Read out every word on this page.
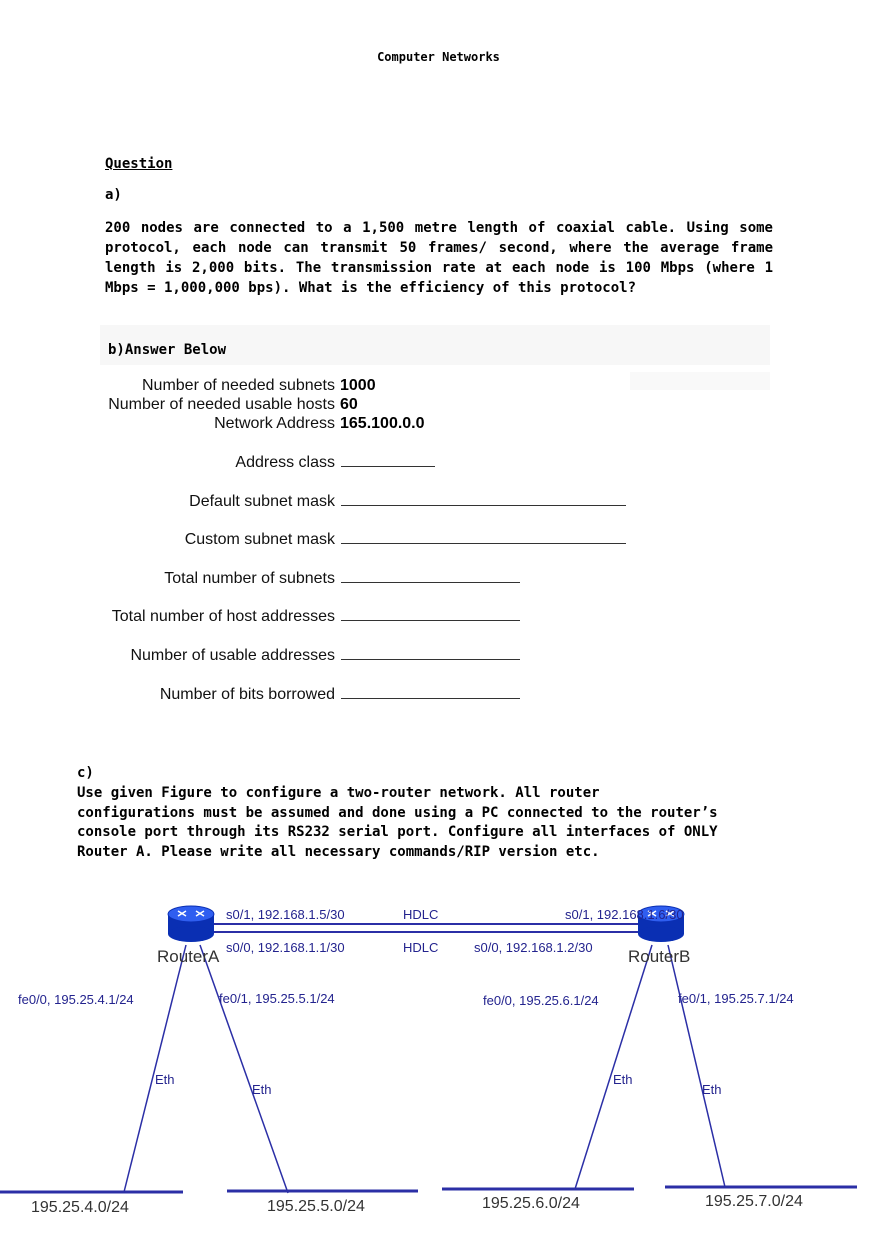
Computer Networks
Question
a)
200 nodes are connected to a 1,500 metre length of coaxial cable. Using some protocol, each node can transmit 50 frames/ second, where the average frame length is 2,000 bits. The transmission rate at each node is 100 Mbps (where 1 Mbps = 1,000,000 bps). What is the efficiency of this protocol?
b)Answer Below
Number of needed subnets 1000
Number of needed usable hosts 60
Network Address 165.100.0.0
Address class
Default subnet mask
Custom subnet mask
Total number of subnets
Total number of host addresses
Number of usable addresses
Number of bits borrowed
c)
Use given Figure to configure a two-router network. All router
configurations must be assumed and done using a PC connected to the router’s
console port through its RS232 serial port. Configure all interfaces of ONLY
Router A. Please write all necessary commands/RIP version etc.
RouterA	RouterB
s0/1, 192.168.1.5/30	HDLC	s0/1, 192.168.1.6/30
s0/0, 192.168.1.1/30	HDLC	s0/0, 192.168.1.2/30
fe0/0, 195.25.4.1/24	fe0/1, 195.25.5.1/24	fe0/0, 195.25.6.1/24	fe0/1, 195.25.7.1/24
Eth
Eth
Eth
Eth
195.25.4.0/24	195.25.5.0/24	195.25.6.0/24	195.25.7.0/24
